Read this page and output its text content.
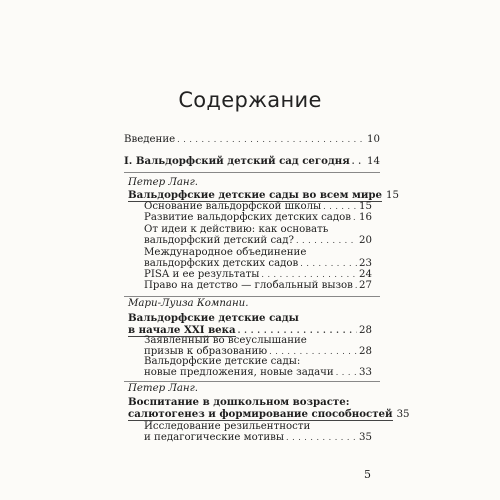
Содержание
Введение . . .	10
I. Вальдорфский детский сад сегодня . . . 14
Петер Ланг.
Вальдорфские детские сады во всем мире 15
Основание вальдорфской школы . . .	15
Развитие вальдорфских детских садов . . . 16
От идеи к действию: как основать
вальдорфский детский сад? . . .	20
Международное объединение
вальдорфских детских садов . . .	23
PISA и ее результаты . . .	24
Право на детство — глобальный вызов . . . 27
Мари-Луиза Компани.
Вальдорфские детские сады
в начале XXI века . . .	28
Заявленный во всеуслышание
призыв к образованию . . .	28
Вальдорфские детские сады:
новые предложения, новые задачи . . . 33
Петер Ланг.
Воспитание в дошкольном возрасте:
салютогенез и формирование способностей 35
Исследование резильентности
и педагогические мотивы . . .	35
5
